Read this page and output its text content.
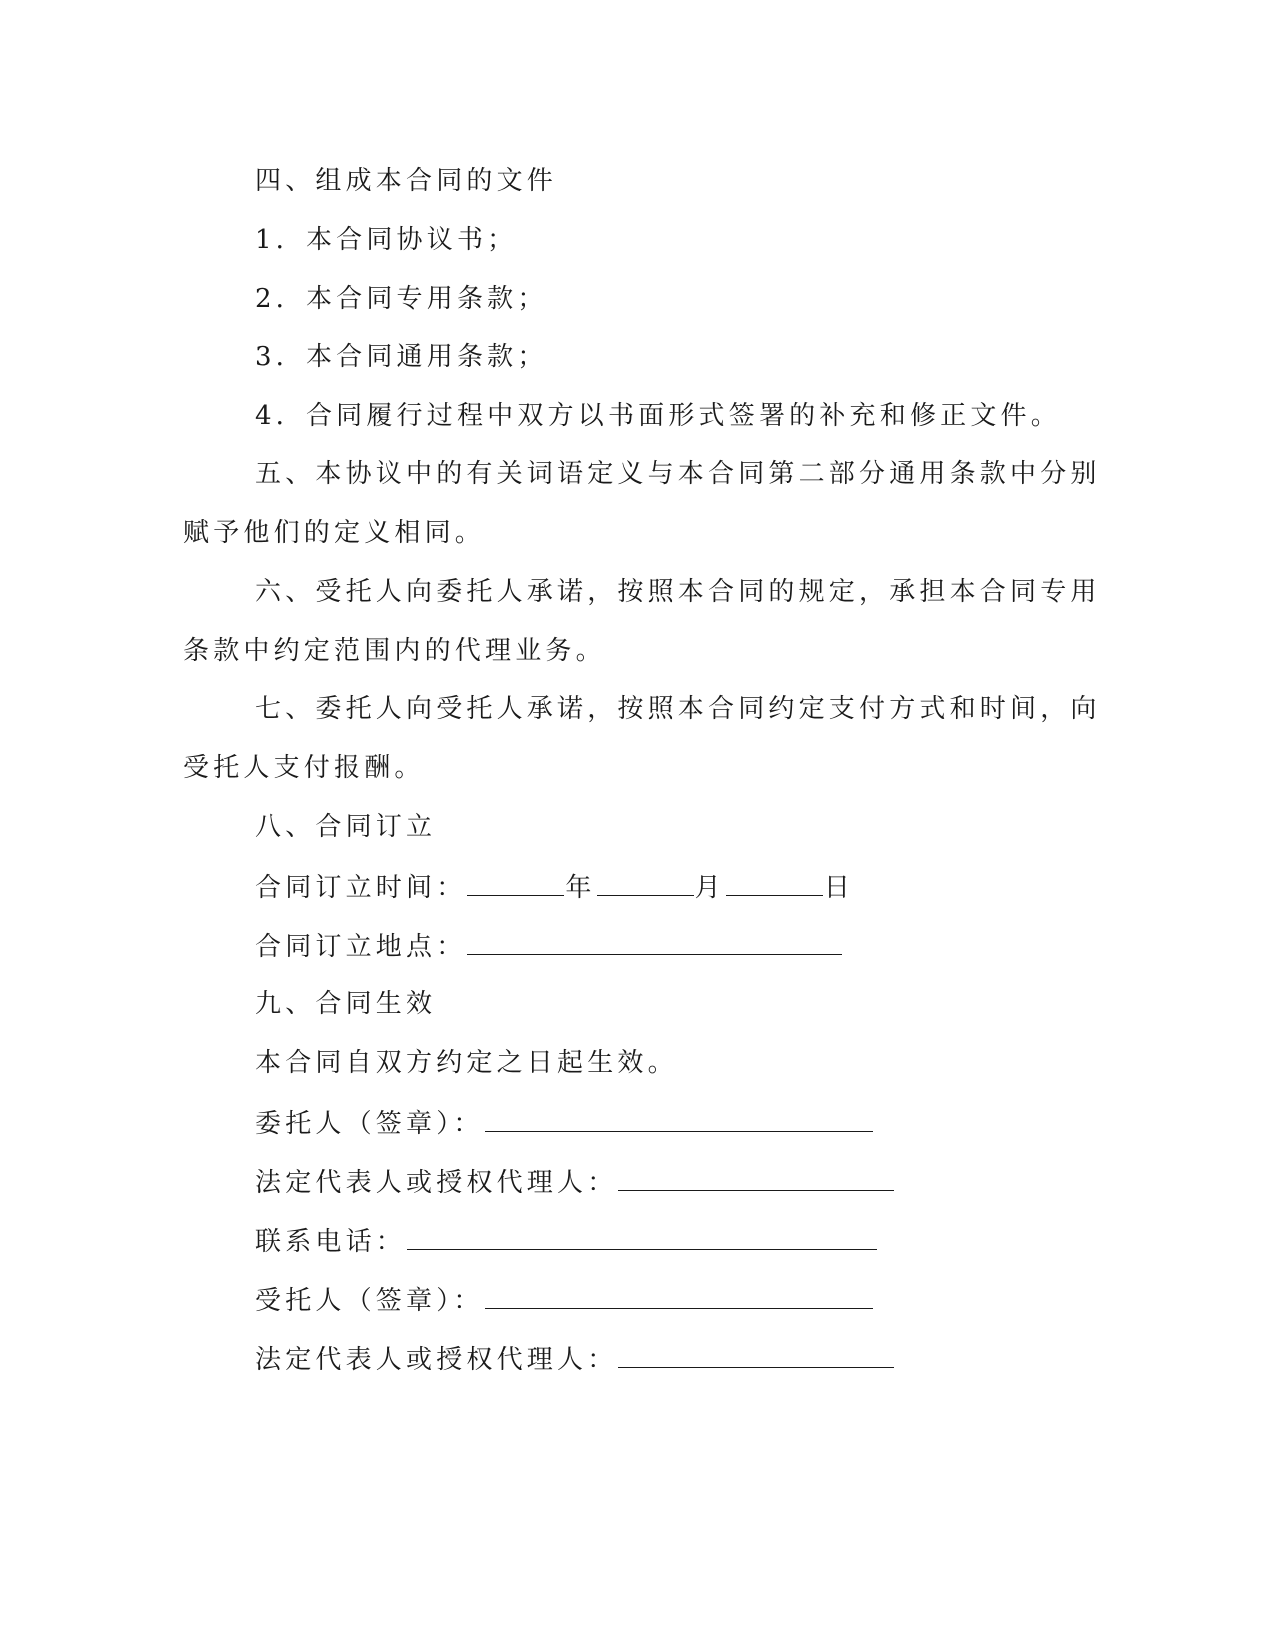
四、组成本合同的文件
1．本合同协议书；
2．本合同专用条款；
3．本合同通用条款；
4．合同履行过程中双方以书面形式签署的补充和修正文件。
五、本协议中的有关词语定义与本合同第二部分通用条款中分别
赋予他们的定义相同。
六、受托人向委托人承诺，按照本合同的规定，承担本合同专用
条款中约定范围内的代理业务。
七、委托人向受托人承诺，按照本合同约定支付方式和时间，向
受托人支付报酬。
八、合同订立
合同订立时间：	年	月	日
合同订立地点：
九、合同生效
本合同自双方约定之日起生效。
委托人（签章）：
法定代表人或授权代理人：
联系电话：
受托人（签章）：
法定代表人或授权代理人：
